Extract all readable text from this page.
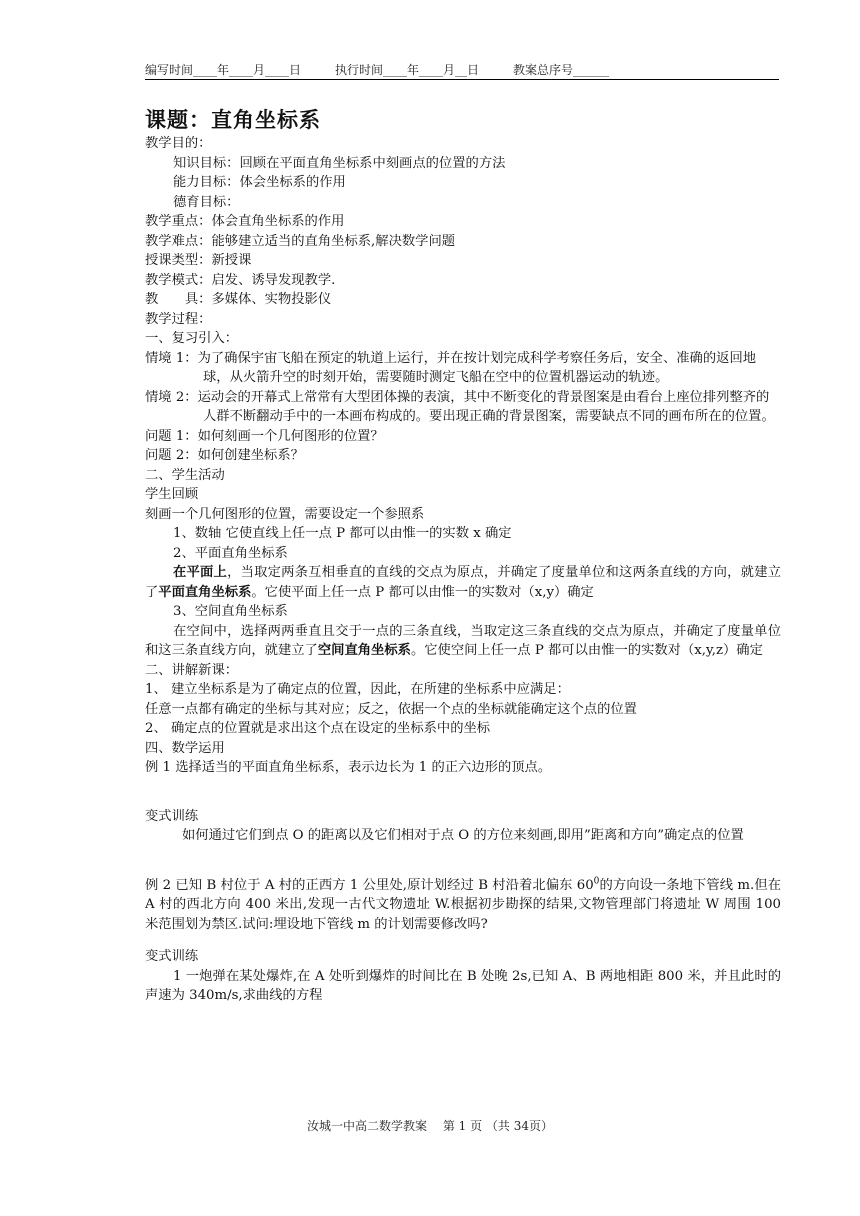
编写时间____年____月____日	执行时间____年____月__日	教案总序号______
课题：直角坐标系
教学目的：
知识目标：回顾在平面直角坐标系中刻画点的位置的方法
能力目标：体会坐标系的作用
德育目标：
教学重点：体会直角坐标系的作用
教学难点：能够建立适当的直角坐标系,解决数学问题
授课类型：新授课
教学模式：启发、诱导发现教学.
教　　具：多媒体、实物投影仪
教学过程：
一、复习引入：
情境 1：为了确保宇宙飞船在预定的轨道上运行，并在按计划完成科学考察任务后，安全、准确的返回地球，从火箭升空的时刻开始，需要随时测定飞船在空中的位置机器运动的轨迹。
情境 2：运动会的开幕式上常常有大型团体操的表演，其中不断变化的背景图案是由看台上座位排列整齐的人群不断翻动手中的一本画布构成的。要出现正确的背景图案，需要缺点不同的画布所在的位置。
问题 1：如何刻画一个几何图形的位置？
问题 2：如何创建坐标系？
二、学生活动
学生回顾
刻画一个几何图形的位置，需要设定一个参照系
1、数轴 它使直线上任一点 P 都可以由惟一的实数 x 确定
2、平面直角坐标系
在平面上，当取定两条互相垂直的直线的交点为原点，并确定了度量单位和这两条直线的方向，就建立了平面直角坐标系。它使平面上任一点 P 都可以由惟一的实数对（x,y）确定
3、空间直角坐标系
在空间中，选择两两垂直且交于一点的三条直线，当取定这三条直线的交点为原点，并确定了度量单位和这三条直线方向，就建立了空间直角坐标系。它使空间上任一点 P 都可以由惟一的实数对（x,y,z）确定
二、讲解新课：
1、 建立坐标系是为了确定点的位置，因此，在所建的坐标系中应满足：
任意一点都有确定的坐标与其对应；反之，依据一个点的坐标就能确定这个点的位置
2、 确定点的位置就是求出这个点在设定的坐标系中的坐标
四、数学运用
例 1 选择适当的平面直角坐标系，表示边长为 1 的正六边形的顶点。
变式训练
如何通过它们到点 O 的距离以及它们相对于点 O 的方位来刻画,即用”距离和方向”确定点的位置
例 2 已知 B 村位于 A 村的正西方 1 公里处,原计划经过 B 村沿着北偏东 $60^0$的方向设一条地下管线 m.但在 A 村的西北方向 400 米出,发现一古代文物遗址 W.根据初步勘探的结果,文物管理部门将遗址 W 周围 100 米范围划为禁区.试问:埋设地下管线 m 的计划需要修改吗?
变式训练
1 一炮弹在某处爆炸,在 A 处听到爆炸的时间比在 B 处晚 2s,已知 A、B 两地相距 800 米，并且此时的声速为 340m/s,求曲线的方程
汝城一中高二数学教案　 第 1 页 （共 34页）
